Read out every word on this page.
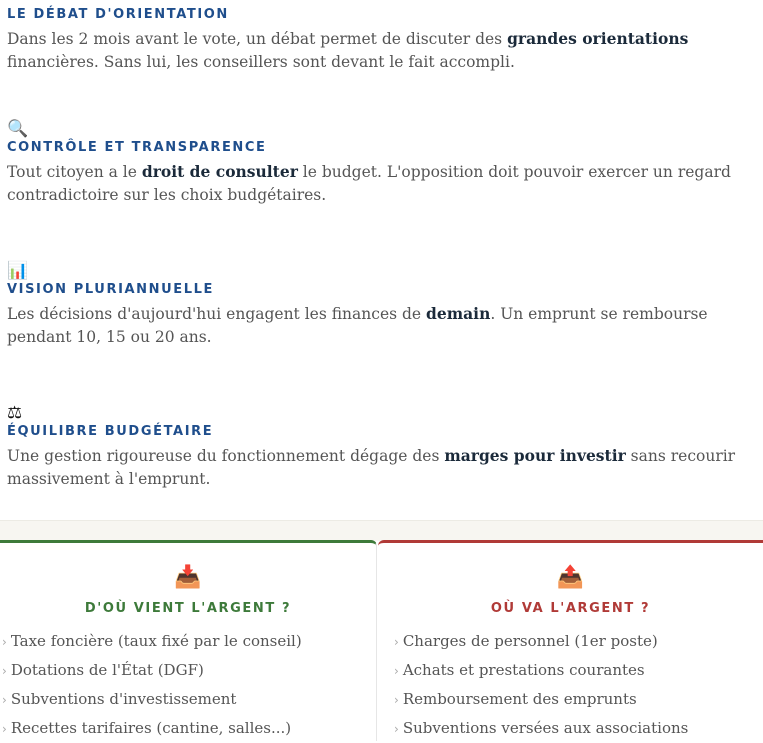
LE DÉBAT D'ORIENTATION

Dans les 2 mois avant le vote, un débat permet de discuter des grandes orientations financières. Sans lui, les conseillers sont devant le fait accompli.

🔍
CONTRÔLE ET TRANSPARENCE

Tout citoyen a le droit de consulter le budget. L'opposition doit pouvoir exercer un regard contradictoire sur les choix budgétaires.

📊
VISION PLURIANNUELLE

Les décisions d'aujourd'hui engagent les finances de demain. Un emprunt se rembourse pendant 10, 15 ou 20 ans.

⚖
ÉQUILIBRE BUDGÉTAIRE

Une gestion rigoureuse du fonctionnement dégage des marges pour investir sans recourir massivement à l'emprunt.

📥
D'OÙ VIENT L'ARGENT ?
› Taxe foncière (taux fixé par le conseil)
› Dotations de l'État (DGF)
› Subventions d'investissement
› Recettes tarifaires (cantine, salles...)
📤
OÙ VA L'ARGENT ?
› Charges de personnel (1er poste)
› Achats et prestations courantes
› Remboursement des emprunts
› Subventions versées aux associations
